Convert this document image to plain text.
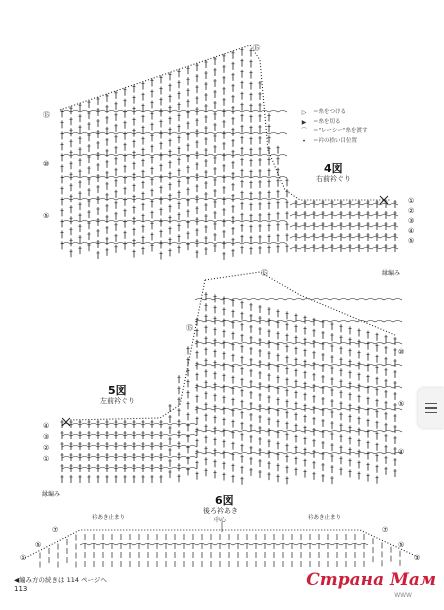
▷	＝糸をつける
▶	＝糸を切る
⌒	＝"レーシー"糸を渡す
•	＝衿の拾い目位置
4図
右前衿ぐり
縁編み
5図
左前衿ぐり
縁編み	6図
後ろ衿あき
中心
衿あき止まり	衿あき止まり
⑮
⑮
⑩
⑤
①
②
③
④
⑤
⑮
⑮
⑩
⑤
④
④
③
②
①
⑦
⑤
①
⑦
⑤
①
◀編み方の続きは 114 ページへ
113	Страна Мам
WWW
